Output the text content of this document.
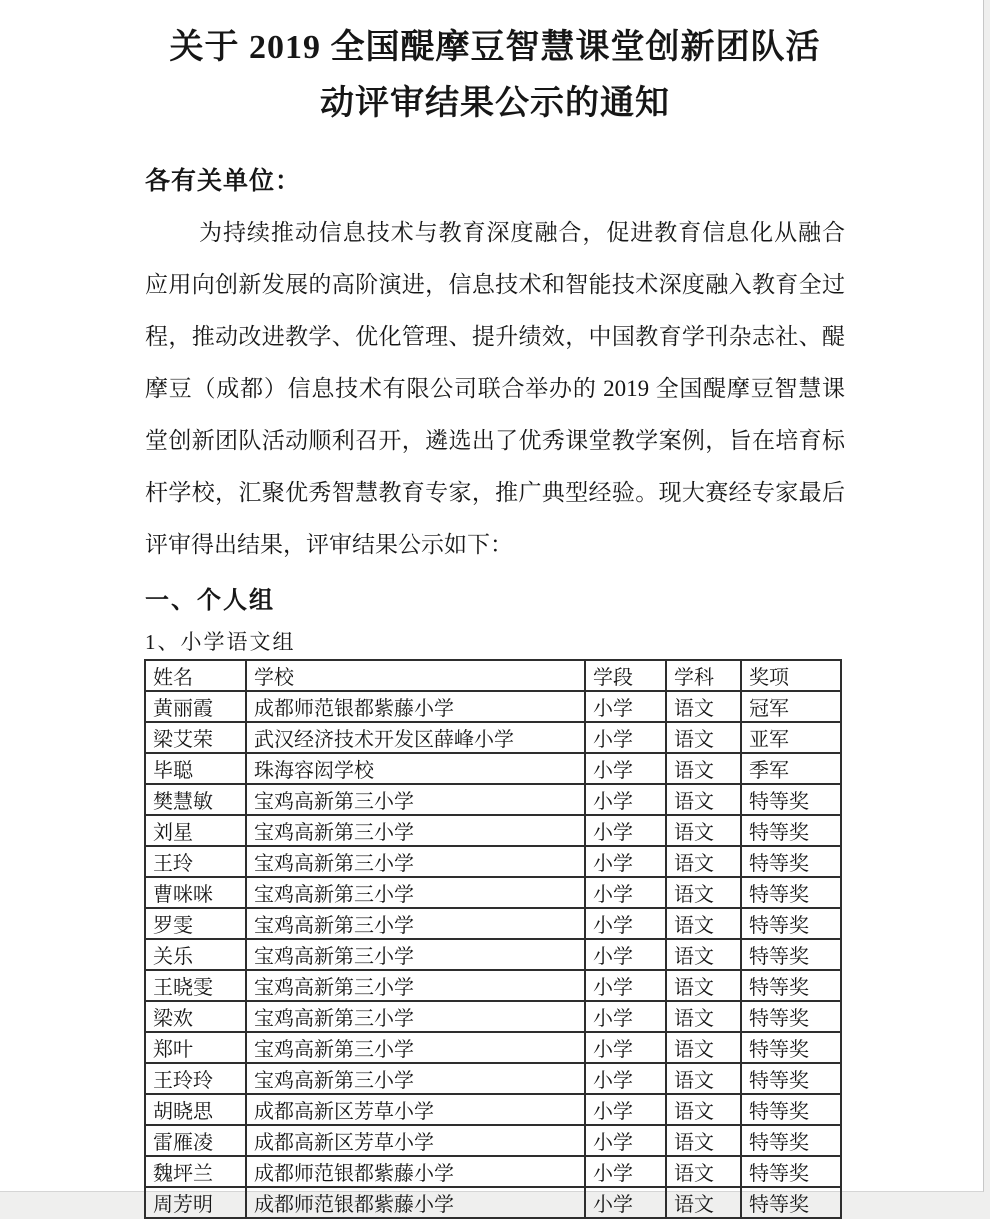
关于 2019 全国醍摩豆智慧课堂创新团队活
动评审结果公示的通知
各有关单位：
为持续推动信息技术与教育深度融合，促进教育信息化从融合
应用向创新发展的高阶演进，信息技术和智能技术深度融入教育全过
程，推动改进教学、优化管理、提升绩效，中国教育学刊杂志社、醍
摩豆（成都）信息技术有限公司联合举办的 2019 全国醍摩豆智慧课
堂创新团队活动顺利召开，遴选出了优秀课堂教学案例，旨在培育标
杆学校，汇聚优秀智慧教育专家，推广典型经验。现大赛经专家最后
评审得出结果，评审结果公示如下：
一、个人组
1、小学语文组
姓名	学校	学段	学科	奖项
黄丽霞	成都师范银都紫藤小学	小学	语文	冠军
梁艾荣	武汉经济技术开发区薛峰小学	小学	语文	亚军
毕聪	珠海容闳学校	小学	语文	季军
樊慧敏	宝鸡高新第三小学	小学	语文	特等奖
刘星	宝鸡高新第三小学	小学	语文	特等奖
王玲	宝鸡高新第三小学	小学	语文	特等奖
曹咪咪	宝鸡高新第三小学	小学	语文	特等奖
罗雯	宝鸡高新第三小学	小学	语文	特等奖
关乐	宝鸡高新第三小学	小学	语文	特等奖
王晓雯	宝鸡高新第三小学	小学	语文	特等奖
梁欢	宝鸡高新第三小学	小学	语文	特等奖
郑叶	宝鸡高新第三小学	小学	语文	特等奖
王玲玲	宝鸡高新第三小学	小学	语文	特等奖
胡晓思	成都高新区芳草小学	小学	语文	特等奖
雷雁凌	成都高新区芳草小学	小学	语文	特等奖
魏坪兰	成都师范银都紫藤小学	小学	语文	特等奖
周芳明	成都师范银都紫藤小学	小学	语文	特等奖
